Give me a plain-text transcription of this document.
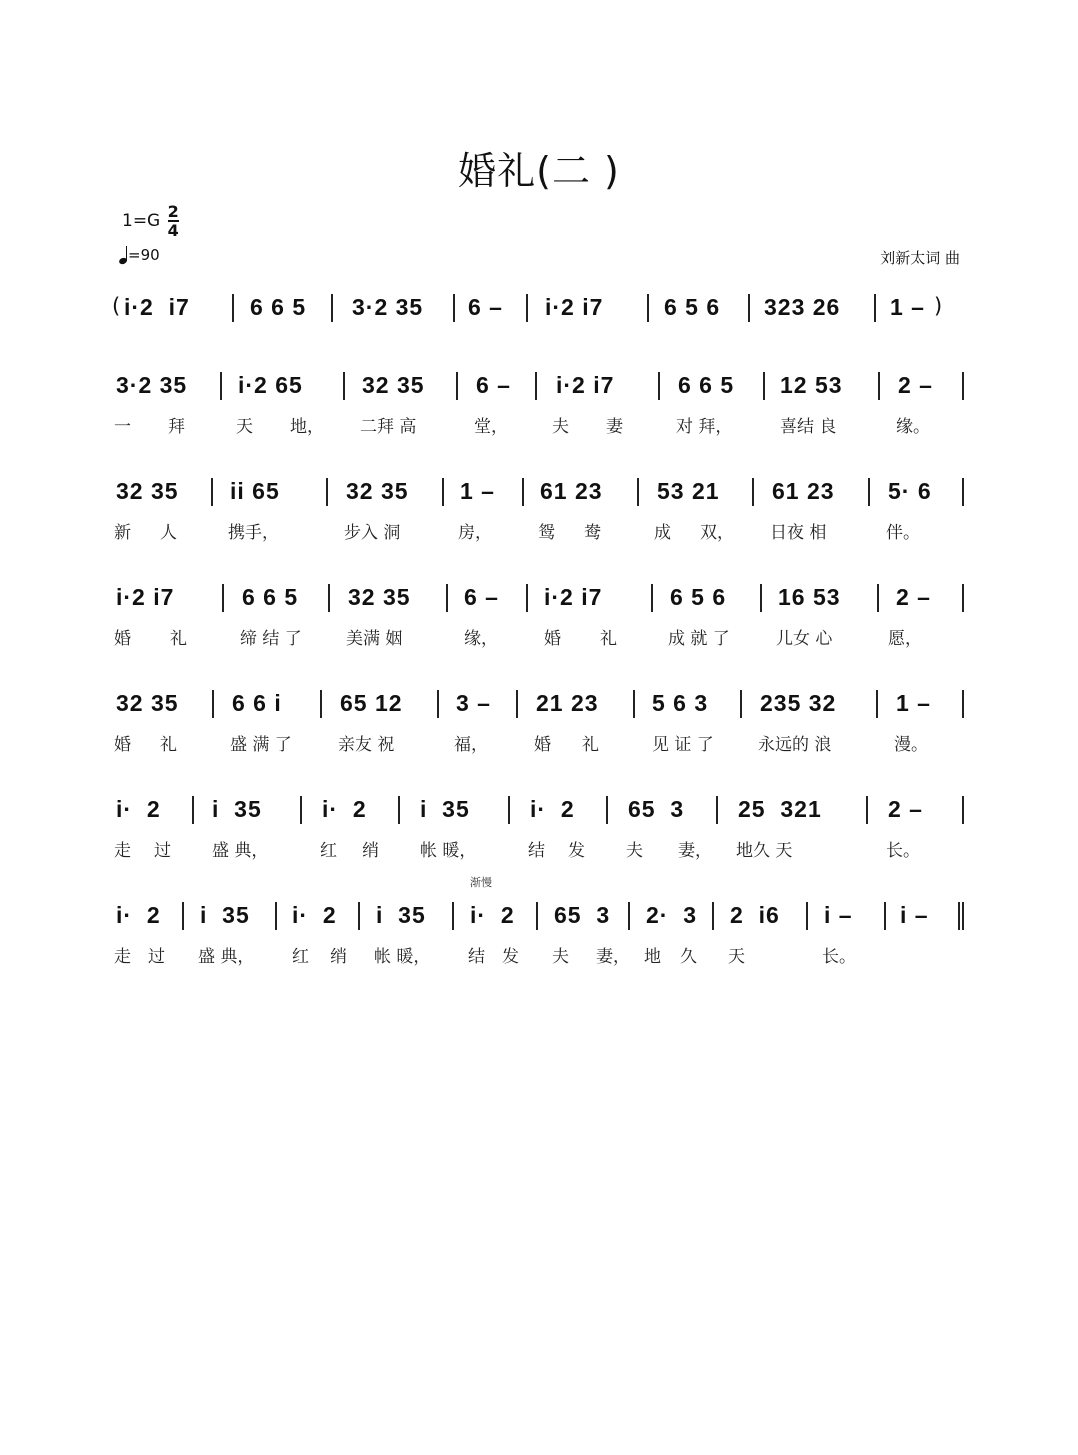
婚礼(二 )
$1=G \frac{2}{4}$
=90	刘新太词 曲
( i·2  i7	6 6 5 3·2 35 6 – i·2 i7	6 5 6 323 26 1 – )
3·2 35 i·2 65	32 35 6 – i·2 i7	6 6 5 12 53 2 –
一 拜	天 地， 二拜 高	堂，	夫 妻	对 拜，	喜结 良	缘。
32 35 ii 65	32 35 1 – 61 23 53 21 61 23 5· 6
新 人	携手，	步入 洞	房，	鸳 鸯	成 双， 日夜 相	伴。
i·2 i7	6 6 5 32 35 6 – i·2 i7	6 5 6 16 53 2 –
婚 礼	缔 结 了	美满 姻	缘，	婚 礼	成 就 了	儿女 心	愿，
32 35 6 6 i	65 12 3 – 21 23 5 6 3 235 32	1 –
婚 礼	盛 满 了	亲友 祝	福，	婚 礼	见 证 了	永远的 浪	漫。
i·  2 i  35	i·  2 i  35	i·  2 65  3 25  321	2 –
走 过 盛 典，	红 绡 帐 暖，	结 发 夫 妻， 地久 天	长。
渐慢
i·  2 i  35 i·  2 i  35 i·  2 65  3 2·  3 2  i6 i – i –
走 过 盛 典， 红 绡 帐 暖， 结 发 夫 妻， 地 久 天	长。
